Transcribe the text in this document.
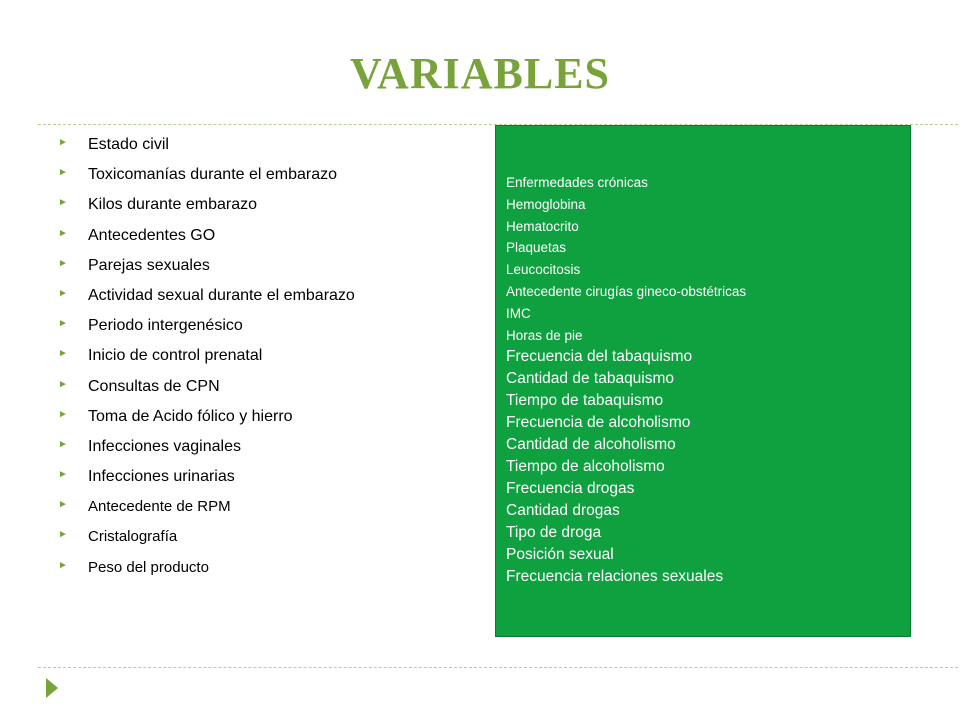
VARIABLES
► Estado civil
► Toxicomanías durante el embarazo
► Kilos durante embarazo
► Antecedentes GO
► Parejas sexuales
► Actividad sexual durante el embarazo
► Periodo intergenésico
► Inicio de control prenatal
► Consultas de CPN
► Toma de Acido fólico y hierro
► Infecciones vaginales
► Infecciones urinarias
► Antecedente de RPM
► Cristalografía
► Peso del producto
Enfermedades crónicas
Hemoglobina
Hematocrito
Plaquetas
Leucocitosis
Antecedente cirugías gineco-obstétricas
IMC
Horas de pie
Frecuencia del tabaquismo
Cantidad de tabaquismo
Tiempo de tabaquismo
Frecuencia de alcoholismo
Cantidad de alcoholismo
Tiempo de alcoholismo
Frecuencia drogas
Cantidad drogas
Tipo de droga
Posición sexual
Frecuencia relaciones sexuales
